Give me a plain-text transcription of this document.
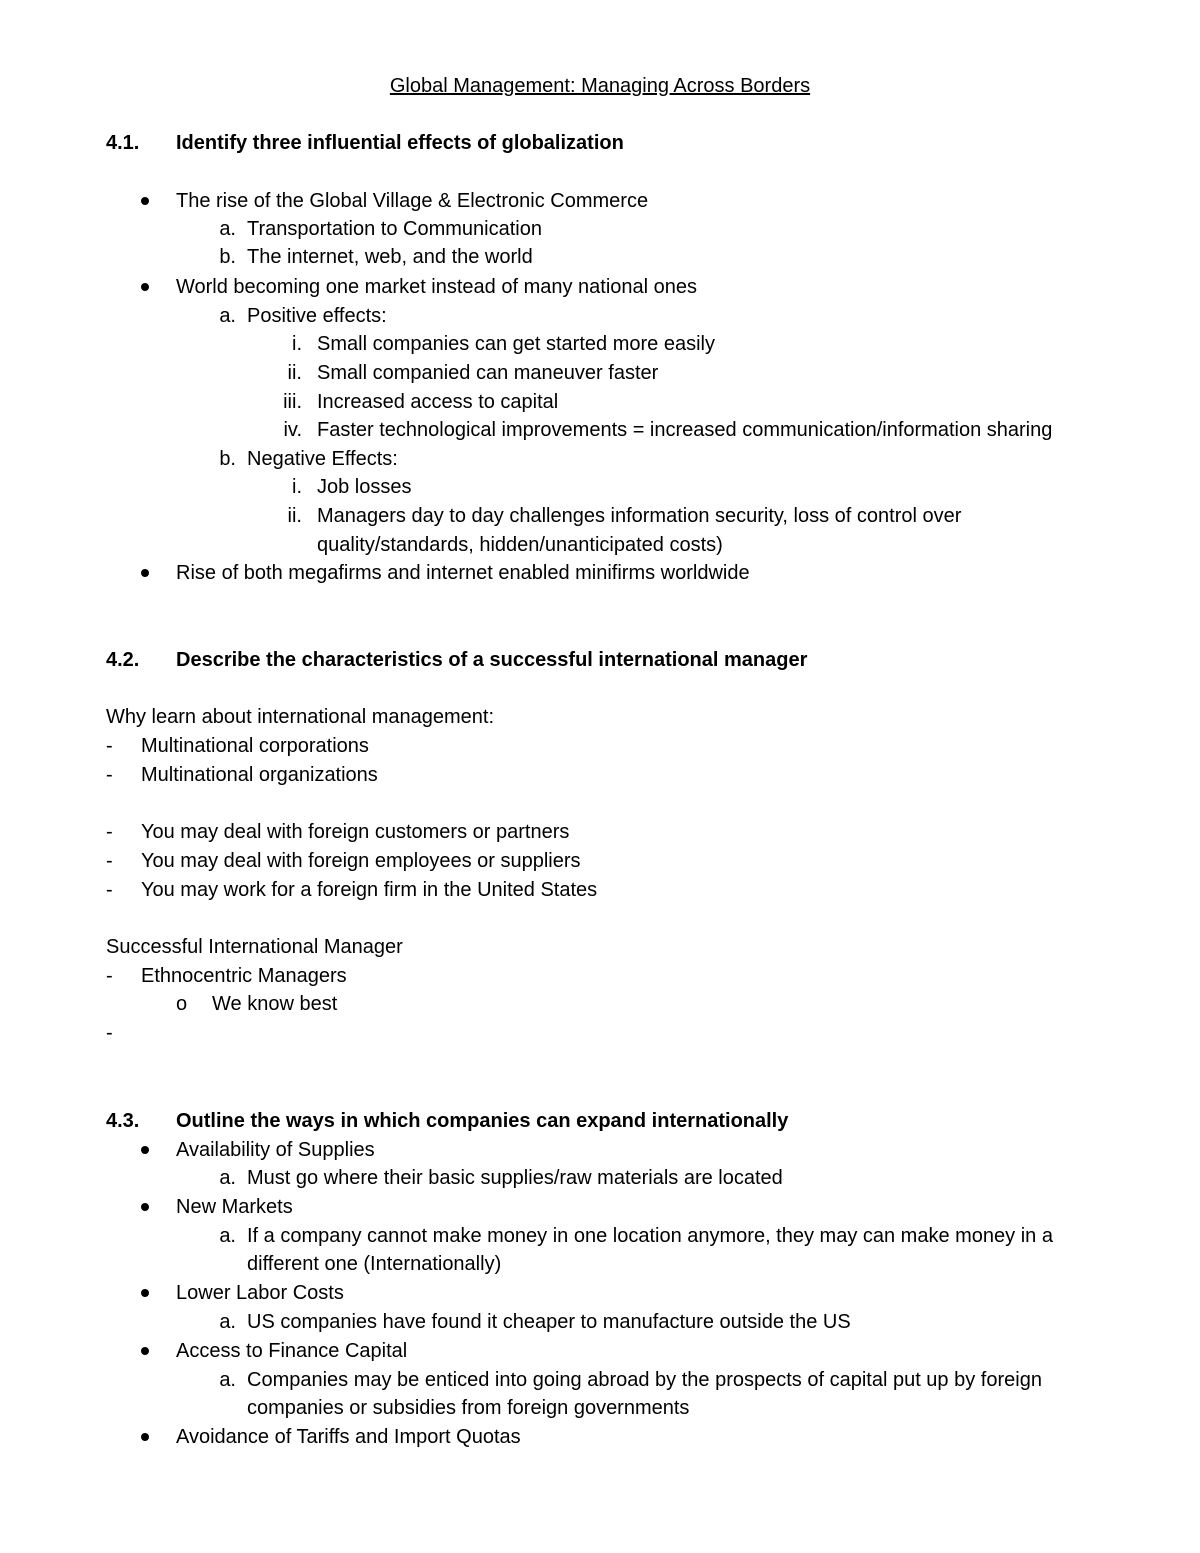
Global Management: Managing Across Borders
4.1. Identify three influential effects of globalization
The rise of the Global Village & Electronic Commerce
a. Transportation to Communication
b. The internet, web, and the world
World becoming one market instead of many national ones
a. Positive effects:
i. Small companies can get started more easily
ii. Small companied can maneuver faster
iii. Increased access to capital
iv. Faster technological improvements = increased communication/information sharing
b. Negative Effects:
i. Job losses
ii. Managers day to day challenges information security, loss of control over
quality/standards, hidden/unanticipated costs)
Rise of both megafirms and internet enabled minifirms worldwide
4.2. Describe the characteristics of a successful international manager
Why learn about international management:
- Multinational corporations
- Multinational organizations
- You may deal with foreign customers or partners
- You may deal with foreign employees or suppliers
- You may work for a foreign firm in the United States
Successful International Manager
- Ethnocentric Managers
o We know best
-
4.3. Outline the ways in which companies can expand internationally
Availability of Supplies
a. Must go where their basic supplies/raw materials are located
New Markets
a. If a company cannot make money in one location anymore, they may can make money in a
different one (Internationally)
Lower Labor Costs
a. US companies have found it cheaper to manufacture outside the US
Access to Finance Capital
a. Companies may be enticed into going abroad by the prospects of capital put up by foreign
companies or subsidies from foreign governments
Avoidance of Tariffs and Import Quotas
